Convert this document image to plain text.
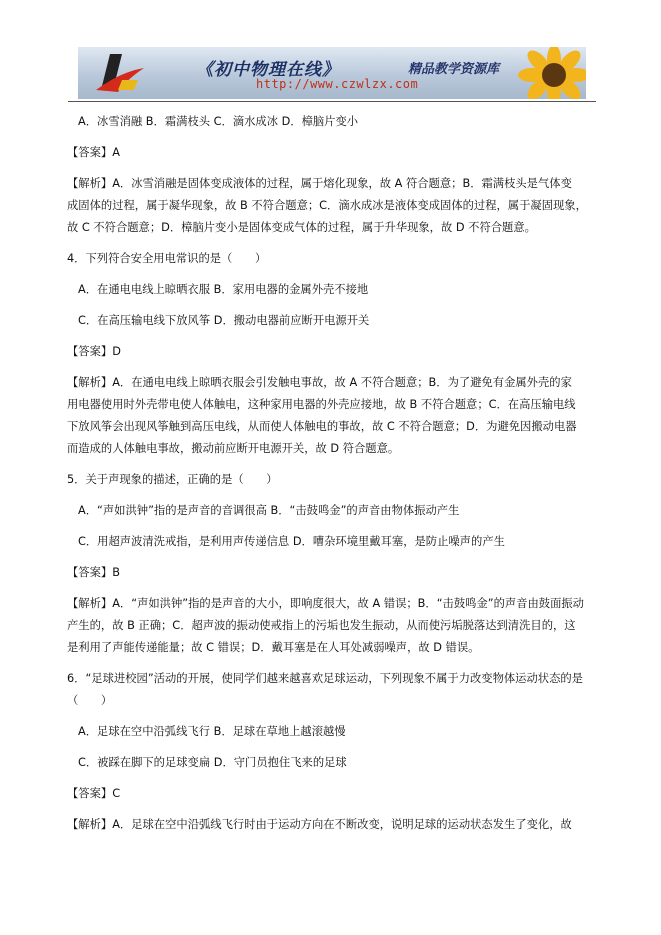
《初中物理在线》	精品教学资源库
http://www.czwlzx.com

A．冰雪消融 B．霜满枝头 C．滴水成冰 D．樟脑片变小

【答案】A

【解析】A．冰雪消融是固体变成液体的过程，属于熔化现象，故 A 符合题意；B．霜满枝头是气体变

成固体的过程，属于凝华现象，故 B 不符合题意；C．滴水成冰是液体变成固体的过程，属于凝固现象，

故 C 不符合题意；D．樟脑片变小是固体变成气体的过程，属于升华现象，故 D 不符合题意。

4．下列符合安全用电常识的是（　　）

A．在通电电线上晾晒衣服 B．家用电器的金属外壳不接地

C．在高压输电线下放风筝 D．搬动电器前应断开电源开关

【答案】D

【解析】A．在通电电线上晾晒衣服会引发触电事故，故 A 不符合题意；B．为了避免有金属外壳的家

用电器使用时外壳带电使人体触电，这种家用电器的外壳应接地，故 B 不符合题意；C．在高压输电线

下放风筝会出现风筝触到高压电线，从而使人体触电的事故，故 C 不符合题意；D．为避免因搬动电器

而造成的人体触电事故，搬动前应断开电源开关，故 D 符合题意。

5．关于声现象的描述，正确的是（　　）

A．“声如洪钟”指的是声音的音调很高 B．“击鼓鸣金”的声音由物体振动产生

C．用超声波清洗戒指，是利用声传递信息 D．嘈杂环境里戴耳塞，是防止噪声的产生

【答案】B

【解析】A．“声如洪钟”指的是声音的大小，即响度很大，故 A 错误；B．“击鼓鸣金”的声音由鼓面振动

产生的，故 B 正确；C．超声波的振动使戒指上的污垢也发生振动，从而使污垢脱落达到清洗目的，这

是利用了声能传递能量；故 C 错误；D．戴耳塞是在人耳处减弱噪声，故 D 错误。

6．“足球进校园”活动的开展，使同学们越来越喜欢足球运动，下列现象不属于力改变物体运动状态的是

（　　）

A．足球在空中沿弧线飞行 B．足球在草地上越滚越慢

C．被踩在脚下的足球变扁 D．守门员抱住飞来的足球

【答案】C

【解析】A．足球在空中沿弧线飞行时由于运动方向在不断改变，说明足球的运动状态发生了变化，故
